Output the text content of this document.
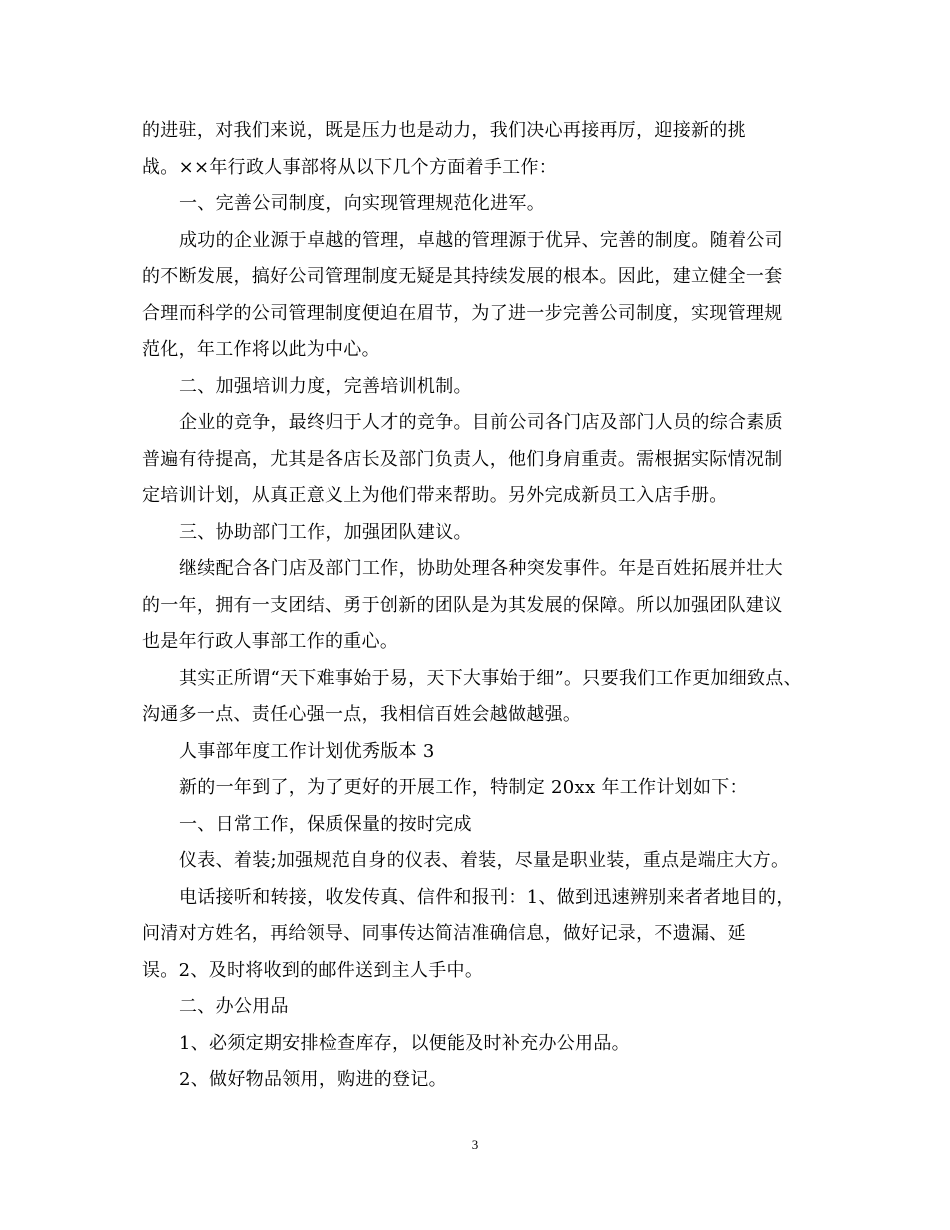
的进驻，对我们来说，既是压力也是动力，我们决心再接再厉，迎接新的挑
战。××年行政人事部将从以下几个方面着手工作：
一、完善公司制度，向实现管理规范化进军。
成功的企业源于卓越的管理，卓越的管理源于优异、完善的制度。随着公司
的不断发展，搞好公司管理制度无疑是其持续发展的根本。因此，建立健全一套
合理而科学的公司管理制度便迫在眉节，为了进一步完善公司制度，实现管理规
范化，年工作将以此为中心。
二、加强培训力度，完善培训机制。
企业的竞争，最终归于人才的竞争。目前公司各门店及部门人员的综合素质
普遍有待提高，尤其是各店长及部门负责人，他们身肩重责。需根据实际情况制
定培训计划，从真正意义上为他们带来帮助。另外完成新员工入店手册。
三、协助部门工作，加强团队建议。
继续配合各门店及部门工作，协助处理各种突发事件。年是百姓拓展并壮大
的一年，拥有一支团结、勇于创新的团队是为其发展的保障。所以加强团队建议
也是年行政人事部工作的重心。
其实正所谓“天下难事始于易，天下大事始于细”。只要我们工作更加细致点、
沟通多一点、责任心强一点，我相信百姓会越做越强。
人事部年度工作计划优秀版本 3
新的一年到了，为了更好的开展工作，特制定 20xx 年工作计划如下：
一、日常工作，保质保量的按时完成
仪表、着装;加强规范自身的仪表、着装，尽量是职业装，重点是端庄大方。
电话接听和转接，收发传真、信件和报刊：1、做到迅速辨别来者者地目的，
问清对方姓名，再给领导、同事传达简洁准确信息，做好记录，不遗漏、延
误。2、及时将收到的邮件送到主人手中。
二、办公用品
1、必须定期安排检查库存，以便能及时补充办公用品。
2、做好物品领用，购进的登记。
3
